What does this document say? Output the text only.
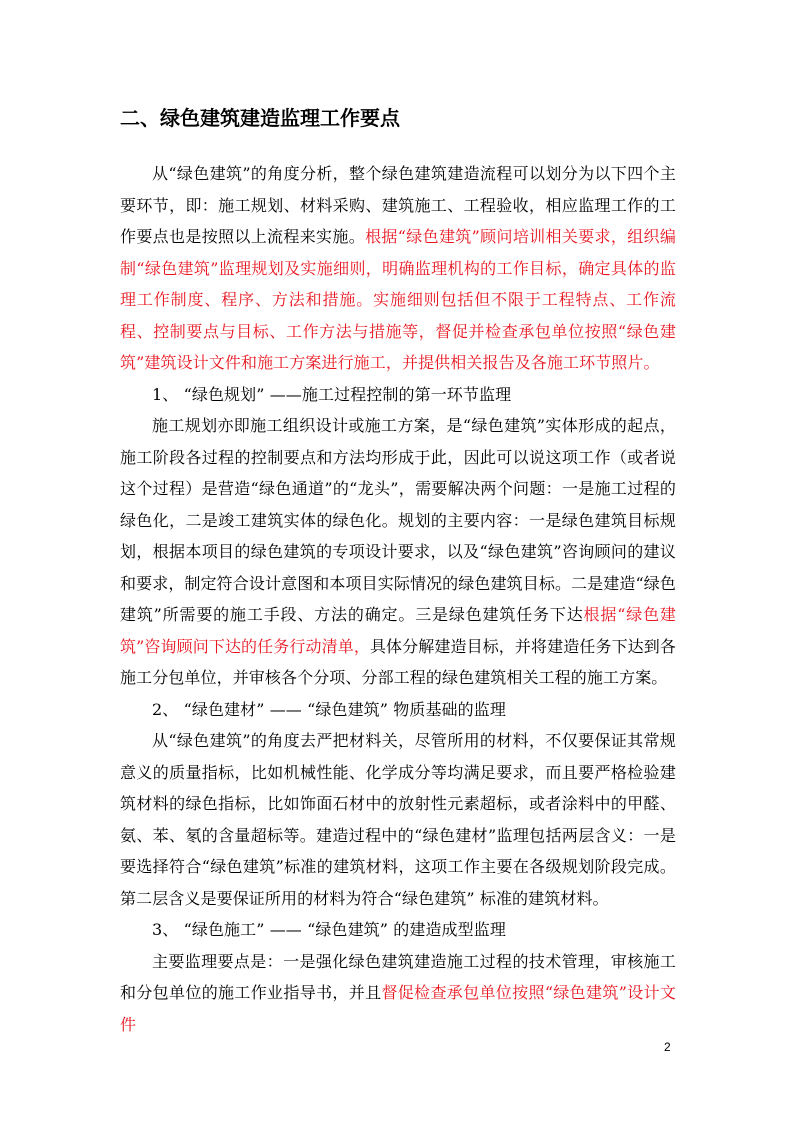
二、绿色建筑建造监理工作要点

从“绿色建筑”的角度分析，整个绿色建筑建造流程可以划分为以下四个主要环节，即：施工规划、材料采购、建筑施工、工程验收，相应监理工作的工作要点也是按照以上流程来实施。根据“绿色建筑”顾问培训相关要求，组织编制“绿色建筑”监理规划及实施细则，明确监理机构的工作目标，确定具体的监理工作制度、程序、方法和措施。实施细则包括但不限于工程特点、工作流程、控制要点与目标、工作方法与措施等，督促并检查承包单位按照“绿色建筑”建筑设计文件和施工方案进行施工，并提供相关报告及各施工环节照片。

1、 “绿色规划” ——施工过程控制的第一环节监理

施工规划亦即施工组织设计或施工方案，是“绿色建筑”实体形成的起点，施工阶段各过程的控制要点和方法均形成于此，因此可以说这项工作（或者说这个过程）是营造“绿色通道”的“龙头”，需要解决两个问题：一是施工过程的绿色化，二是竣工建筑实体的绿色化。规划的主要内容：一是绿色建筑目标规划，根据本项目的绿色建筑的专项设计要求，以及“绿色建筑”咨询顾问的建议和要求，制定符合设计意图和本项目实际情况的绿色建筑目标。二是建造“绿色建筑”所需要的施工手段、方法的确定。三是绿色建筑任务下达根据“绿色建筑”咨询顾问下达的任务行动清单，具体分解建造目标，并将建造任务下达到各施工分包单位，并审核各个分项、分部工程的绿色建筑相关工程的施工方案。

2、 “绿色建材” —— “绿色建筑” 物质基础的监理

从“绿色建筑”的角度去严把材料关，尽管所用的材料，不仅要保证其常规意义的质量指标，比如机械性能、化学成分等均满足要求，而且要严格检验建筑材料的绿色指标，比如饰面石材中的放射性元素超标，或者涂料中的甲醛、氨、苯、氡的含量超标等。建造过程中的“绿色建材”监理包括两层含义：一是要选择符合“绿色建筑”标准的建筑材料，这项工作主要在各级规划阶段完成。第二层含义是要保证所用的材料为符合“绿色建筑” 标准的建筑材料。

3、 “绿色施工” —— “绿色建筑” 的建造成型监理

主要监理要点是：一是强化绿色建筑建造施工过程的技术管理，审核施工和分包单位的施工作业指导书，并且督促检查承包单位按照“绿色建筑”设计文件

2
